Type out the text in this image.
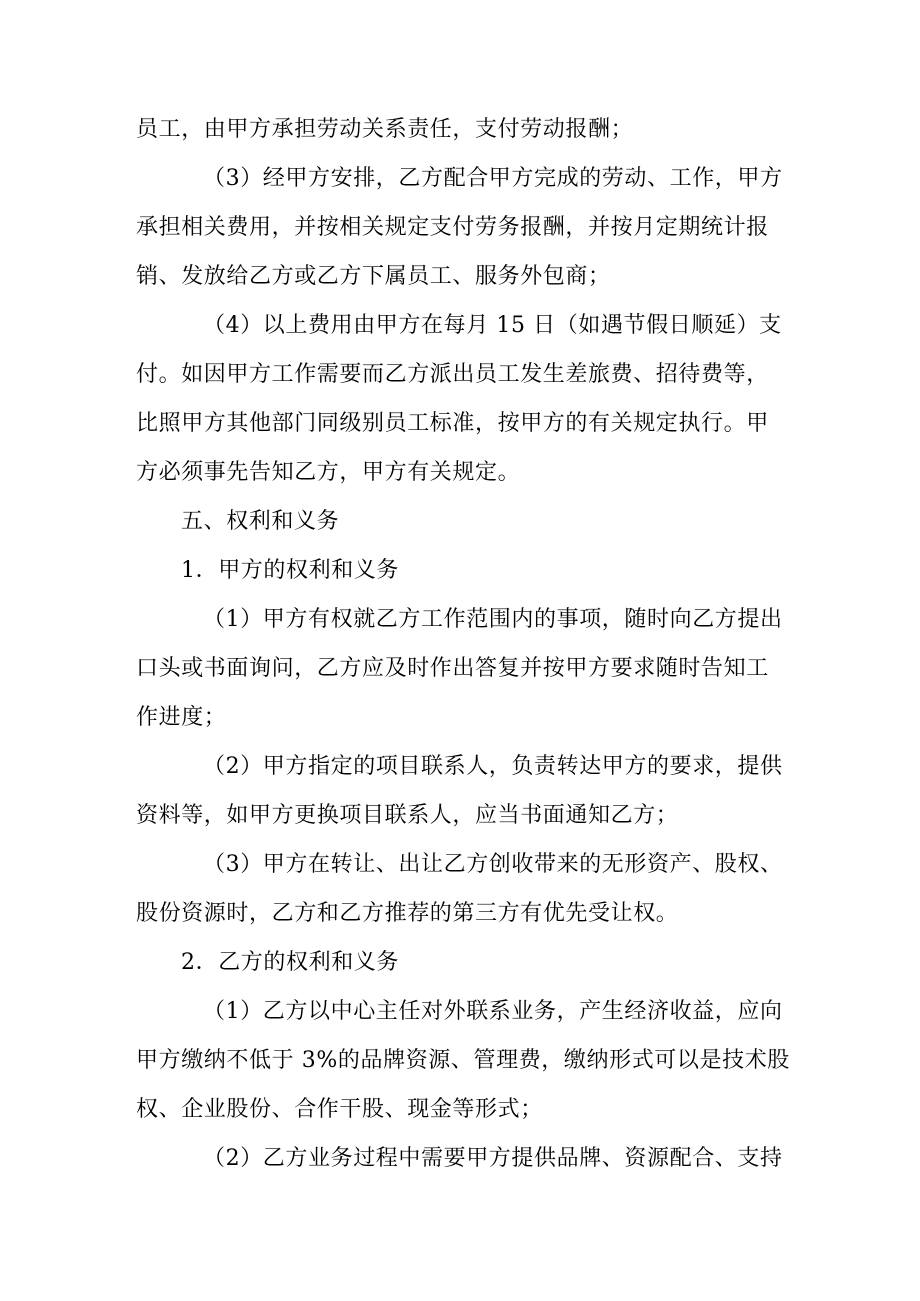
员工，由甲方承担劳动关系责任，支付劳动报酬；
（3）经甲方安排，乙方配合甲方完成的劳动、工作，甲方
承担相关费用，并按相关规定支付劳务报酬，并按月定期统计报
销、发放给乙方或乙方下属员工、服务外包商；
（4）以上费用由甲方在每月 15 日（如遇节假日顺延）支
付。如因甲方工作需要而乙方派出员工发生差旅费、招待费等，
比照甲方其他部门同级别员工标准，按甲方的有关规定执行。甲
方必须事先告知乙方，甲方有关规定。
五、权利和义务
1．甲方的权利和义务
（1）甲方有权就乙方工作范围内的事项，随时向乙方提出
口头或书面询问，乙方应及时作出答复并按甲方要求随时告知工
作进度；
（2）甲方指定的项目联系人，负责转达甲方的要求，提供
资料等，如甲方更换项目联系人，应当书面通知乙方；
（3）甲方在转让、出让乙方创收带来的无形资产、股权、
股份资源时，乙方和乙方推荐的第三方有优先受让权。
2．乙方的权利和义务
（1）乙方以中心主任对外联系业务，产生经济收益，应向
甲方缴纳不低于 3%的品牌资源、管理费，缴纳形式可以是技术股
权、企业股份、合作干股、现金等形式；
（2）乙方业务过程中需要甲方提供品牌、资源配合、支持
